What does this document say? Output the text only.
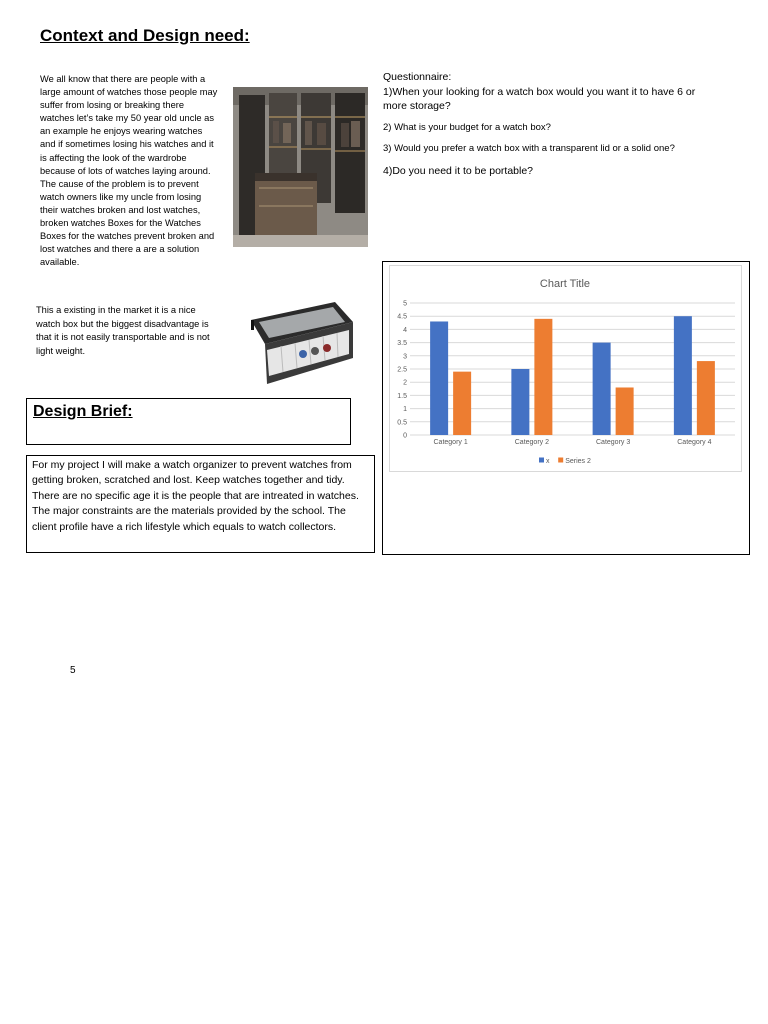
Context and Design need:
We all know that there are people with a large amount of watches those people may suffer from losing or breaking there watches let’s take my 50 year old uncle as an example he enjoys wearing watches and if sometimes losing his watches and it is affecting the look of the wardrobe because of lots of watches laying around. The cause of the problem is to prevent watch owners like my uncle from losing their watches broken and lost watches, broken watches Boxes for the Watches Boxes for the watches prevent broken and lost watches and there a are a solution available.
This a existing in the market it is a nice watch box but the biggest disadvantage is that it is not easily transportable and is not light weight.

Questionnaire:

1)When your looking for a watch box would you want it to have 6 or more storage?

2) What is your budget for a watch box?

3) Would you prefer a watch box with a transparent lid or a solid one?

4)Do you need it to be portable?

Design Brief:
For my project I will make a watch organizer to prevent watches from getting broken, scratched and lost. Keep watches together and tidy. There are no specific age it is the people that are intreated in watches. The major constraints are the materials provided by the school. The client profile have a rich lifestyle which equals to watch collectors.
Chart Title
0
0.5
1
1.5
2
2.5
3
3.5
4
4.5
5
Category 1	Category 2	Category 3	Category 4
x Series 2
5
